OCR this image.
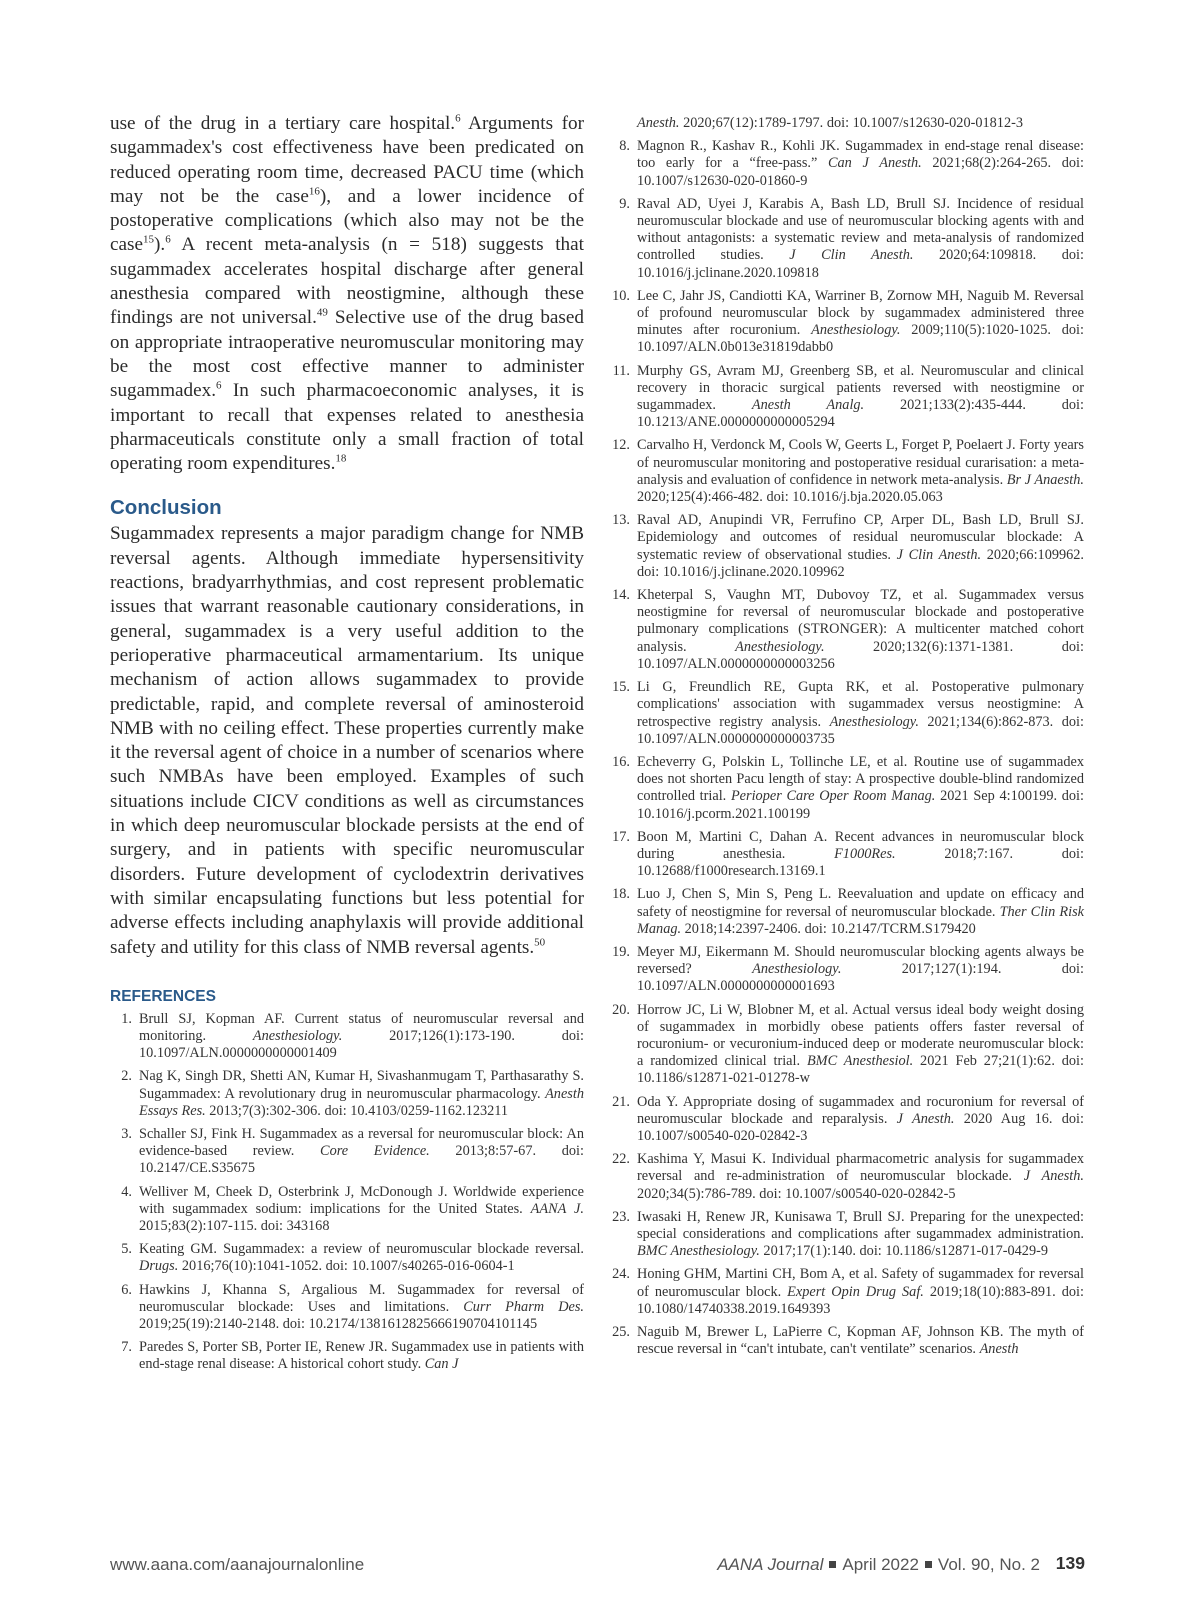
use of the drug in a tertiary care hospital.$^6$ Arguments for sugammadex's cost effectiveness have been predicated on reduced operating room time, decreased PACU time (which may not be the case$^{16}$), and a lower incidence of postoperative complications (which also may not be the case$^{15}$).$^6$ A recent meta-analysis (n = 518) suggests that sugammadex accelerates hospital discharge after general anesthesia compared with neostigmine, although these findings are not universal.$^{49}$ Selective use of the drug based on appropriate intraoperative neuromuscular monitoring may be the most cost effective manner to administer sugammadex.$^6$ In such pharmacoeconomic analyses, it is important to recall that expenses related to anesthesia pharmaceuticals constitute only a small fraction of total operating room expenditures.$^{18}$

Conclusion

Sugammadex represents a major paradigm change for NMB reversal agents. Although immediate hypersensitivity reactions, bradyarrhythmias, and cost represent problematic issues that warrant reasonable cautionary considerations, in general, sugammadex is a very useful addition to the perioperative pharmaceutical armamentarium. Its unique mechanism of action allows sugammadex to provide predictable, rapid, and complete reversal of aminosteroid NMB with no ceiling effect. These properties currently make it the reversal agent of choice in a number of scenarios where such NMBAs have been employed. Examples of such situations include CICV conditions as well as circumstances in which deep neuromuscular blockade persists at the end of surgery, and in patients with specific neuromuscular disorders. Future development of cyclodextrin derivatives with similar encapsulating functions but less potential for adverse effects including anaphylaxis will provide additional safety and utility for this class of NMB reversal agents.$^{50}$

REFERENCES
1. Brull SJ, Kopman AF. Current status of neuromuscular reversal and monitoring. Anesthesiology. 2017;126(1):173-190. doi: 10.1097/ALN.0000000000001409
2. Nag K, Singh DR, Shetti AN, Kumar H, Sivashanmugam T, Parthasarathy S. Sugammadex: A revolutionary drug in neuromuscular pharmacology. Anesth Essays Res. 2013;7(3):302-306. doi: 10.4103/0259-1162.123211
3. Schaller SJ, Fink H. Sugammadex as a reversal for neuromuscular block: An evidence-based review. Core Evidence. 2013;8:57-67. doi: 10.2147/CE.S35675
4. Welliver M, Cheek D, Osterbrink J, McDonough J. Worldwide experience with sugammadex sodium: implications for the United States. AANA J. 2015;83(2):107-115. doi: 343168
5. Keating GM. Sugammadex: a review of neuromuscular blockade reversal. Drugs. 2016;76(10):1041-1052. doi: 10.1007/s40265-016-0604-1
6. Hawkins J, Khanna S, Argalious M. Sugammadex for reversal of neuromuscular blockade: Uses and limitations. Curr Pharm Des. 2019;25(19):2140-2148. doi: 10.2174/1381612825666190704101145
7. Paredes S, Porter SB, Porter IE, Renew JR. Sugammadex use in patients with end-stage renal disease: A historical cohort study. Can J
Anesth. 2020;67(12):1789-1797. doi: 10.1007/s12630-020-01812-3
8. Magnon R., Kashav R., Kohli JK. Sugammadex in end-stage renal disease: too early for a “free-pass.” Can J Anesth. 2021;68(2):264-265. doi: 10.1007/s12630-020-01860-9
9. Raval AD, Uyei J, Karabis A, Bash LD, Brull SJ. Incidence of residual neuromuscular blockade and use of neuromuscular blocking agents with and without antagonists: a systematic review and meta-analysis of randomized controlled studies. J Clin Anesth. 2020;64:109818. doi: 10.1016/j.jclinane.2020.109818
10. Lee C, Jahr JS, Candiotti KA, Warriner B, Zornow MH, Naguib M. Reversal of profound neuromuscular block by sugammadex administered three minutes after rocuronium. Anesthesiology. 2009;110(5):1020-1025. doi: 10.1097/ALN.0b013e31819dabb0
11. Murphy GS, Avram MJ, Greenberg SB, et al. Neuromuscular and clinical recovery in thoracic surgical patients reversed with neostigmine or sugammadex. Anesth Analg. 2021;133(2):435-444. doi: 10.1213/ANE.0000000000005294
12. Carvalho H, Verdonck M, Cools W, Geerts L, Forget P, Poelaert J. Forty years of neuromuscular monitoring and postoperative residual curarisation: a meta-analysis and evaluation of confidence in network meta-analysis. Br J Anaesth. 2020;125(4):466-482. doi: 10.1016/j.bja.2020.05.063
13. Raval AD, Anupindi VR, Ferrufino CP, Arper DL, Bash LD, Brull SJ. Epidemiology and outcomes of residual neuromuscular blockade: A systematic review of observational studies. J Clin Anesth. 2020;66:109962. doi: 10.1016/j.jclinane.2020.109962
14. Kheterpal S, Vaughn MT, Dubovoy TZ, et al. Sugammadex versus neostigmine for reversal of neuromuscular blockade and postoperative pulmonary complications (STRONGER): A multicenter matched cohort analysis. Anesthesiology. 2020;132(6):1371-1381. doi: 10.1097/ALN.0000000000003256
15. Li G, Freundlich RE, Gupta RK, et al. Postoperative pulmonary complications' association with sugammadex versus neostigmine: A retrospective registry analysis. Anesthesiology. 2021;134(6):862-873. doi: 10.1097/ALN.0000000000003735
16. Echeverry G, Polskin L, Tollinche LE, et al. Routine use of sugammadex does not shorten Pacu length of stay: A prospective double-blind randomized controlled trial. Perioper Care Oper Room Manag. 2021 Sep 4:100199. doi: 10.1016/j.pcorm.2021.100199
17. Boon M, Martini C, Dahan A. Recent advances in neuromuscular block during anesthesia. F1000Res. 2018;7:167. doi: 10.12688/f1000research.13169.1
18. Luo J, Chen S, Min S, Peng L. Reevaluation and update on efficacy and safety of neostigmine for reversal of neuromuscular blockade. Ther Clin Risk Manag. 2018;14:2397-2406. doi: 10.2147/TCRM.S179420
19. Meyer MJ, Eikermann M. Should neuromuscular blocking agents always be reversed? Anesthesiology. 2017;127(1):194. doi: 10.1097/ALN.0000000000001693
20. Horrow JC, Li W, Blobner M, et al. Actual versus ideal body weight dosing of sugammadex in morbidly obese patients offers faster reversal of rocuronium- or vecuronium-induced deep or moderate neuromuscular block: a randomized clinical trial. BMC Anesthesiol. 2021 Feb 27;21(1):62. doi: 10.1186/s12871-021-01278-w
21. Oda Y. Appropriate dosing of sugammadex and rocuronium for reversal of neuromuscular blockade and reparalysis. J Anesth. 2020 Aug 16. doi: 10.1007/s00540-020-02842-3
22. Kashima Y, Masui K. Individual pharmacometric analysis for sugammadex reversal and re-administration of neuromuscular blockade. J Anesth. 2020;34(5):786-789. doi: 10.1007/s00540-020-02842-5
23. Iwasaki H, Renew JR, Kunisawa T, Brull SJ. Preparing for the unexpected: special considerations and complications after sugammadex administration. BMC Anesthesiology. 2017;17(1):140. doi: 10.1186/s12871-017-0429-9
24. Honing GHM, Martini CH, Bom A, et al. Safety of sugammadex for reversal of neuromuscular block. Expert Opin Drug Saf. 2019;18(10):883-891. doi: 10.1080/14740338.2019.1649393
25. Naguib M, Brewer L, LaPierre C, Kopman AF, Johnson KB. The myth of rescue reversal in “can't intubate, can't ventilate” scenarios. Anesth
www.aana.com/aanajournalonline	AANA Journal April 2022 Vol. 90, No. 2 139
